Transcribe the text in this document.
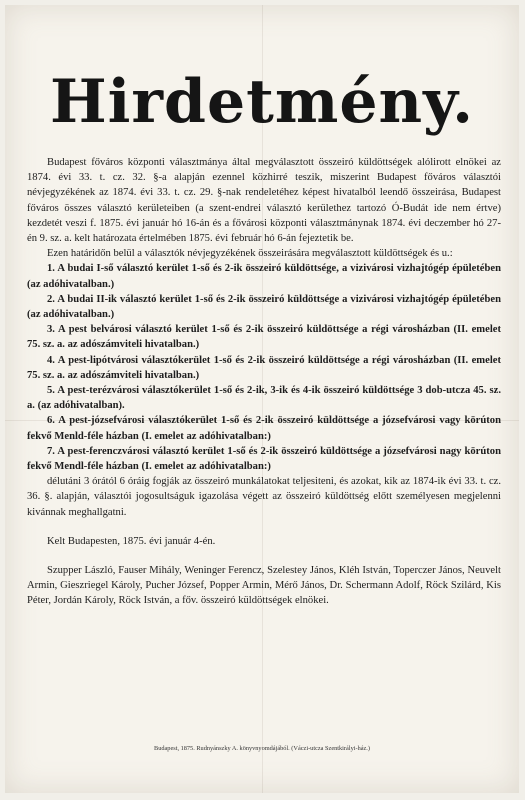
Hirdetmény.

Budapest főváros központi választmánya által megválasztott összeiró küldöttségek alólirott elnökei az 1874. évi 33. t. cz. 32. §-a alapján ezennel közhirré teszik, miszerint Budapest főváros választói névjegyzékének az 1874. évi 33. t. cz. 29. §-nak rendeletéhez képest hivatalból leendő összeirása, Budapest főváros összes választó kerületeiben (a szent-endrei választó kerülethez tartozó Ó-Budát ide nem értve) kezdetét veszi f. 1875. évi január hó 16-án és a fővárosi központi választmánynak 1874. évi deczember hó 27-én 9. sz. a. kelt határozata értelmében 1875. évi február hó 6-án fejeztetik be.

Ezen határidőn belül a választók névjegyzékének összeirására megválasztott küldöttségek és u.:

1. A budai I-ső választó kerület 1-ső és 2-ik összeiró küldöttsége, a vizivárosi vizhajtógép épületében (az adóhivatalban.)

2. A budai II-ik választó kerület 1-ső és 2-ik összeiró küldöttsége a vizivárosi vizhajtógép épületében (az adóhivatalban.)

3. A pest belvárosi választó kerület 1-ső és 2-ik összeiró küldöttsége a régi városházban (II. emelet 75. sz. a. az adószámviteli hivatalban.)

4. A pest-lipótvárosi választókerület 1-ső és 2-ik összeiró küldöttsége a régi városházban (II. emelet 75. sz. a. az adószámviteli hivatalban.)

5. A pest-terézvárosi választókerület 1-ső és 2-ik, 3-ik és 4-ik összeiró küldöttsége 3 dob-utcza 45. sz. a. (az adóhivatalban).

6. A pest-józsefvárosi választókerület 1-ső és 2-ik összeiró küldöttsége a józsefvárosi vagy körúton fekvő Menld-féle házban (I. emelet az adóhivatalban:)

7. A pest-ferenczvárosi választó kerület 1-ső és 2-ik összeiró küldöttsége a józsefvárosi nagy körúton fekvő Mendl-féle házban (I. emelet az adóhivatalban:)

délutáni 3 órától 6 óráig fogják az összeiró munkálatokat teljesiteni, és azokat, kik az 1874-ik évi 33. t. cz. 36. §. alapján, választói jogosultságuk igazolása végett az összeiró küldöttség előtt személyesen megjelenni kivánnak meghallgatni.

Kelt Budapesten, 1875. évi január 4-én.

Szupper László, Fauser Mihály, Weninger Ferencz, Szelestey János, Kléh István, Toperczer János, Neuvelt Armin, Gieszriegel Károly, Pucher József, Popper Armin, Mérő János, Dr. Schermann Adolf, Röck Szilárd, Kis Péter, Jordán Károly, Röck István, a főv. összeiró küldöttségek elnökei.

Budapest, 1875. Rudnyánszky A. könyvnyomdájából. (Váczi-utcza Szentkirályi-ház.)
